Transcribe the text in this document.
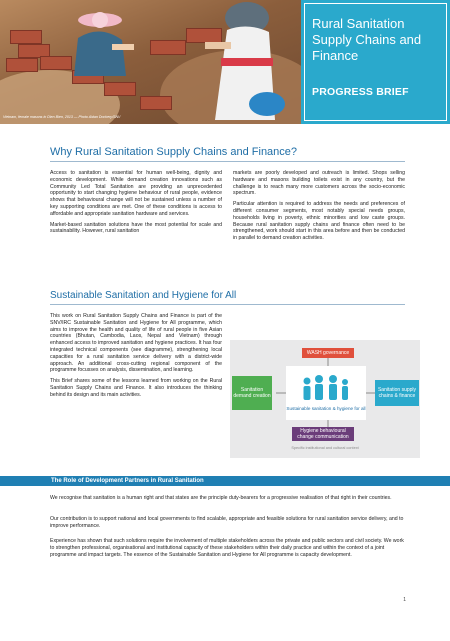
Vietnam, female masons in Dien Bien, 2013 — Photo Aidan Dockery/SNV
Rural Sanitation Supply Chains and Finance
PROGRESS BRIEF
Why Rural Sanitation Supply Chains and Finance?

Access to sanitation is essential for human well-being, dignity and economic development. While demand creation innovations such as Community Led Total Sanitation are providing an unprecedented opportunity to start changing hygiene behaviour of rural people, evidence shows that behavioural change will not be sustained unless a number of key supporting conditions are met. One of these conditions is access to affordable and appropriate sanitation hardware and services.

Market-based sanitation solutions have the most potential for scale and sustainability. However, rural sanitation

markets are poorly developed and outreach is limited. Shops selling hardware and masons building toilets exist in any country, but the challenge is to reach many more customers across the socio-economic spectrum.

Particular attention is required to address the needs and preferences of different consumer segments, most notably special needs groups, households living in poverty, ethnic minorities and low caste groups. Because rural sanitation supply chains and finance often need to be strengthened, work should start in this area before and then be conducted in parallel to demand creation activities.

Sustainable Sanitation and Hygiene for All

This work on Rural Sanitation Supply Chains and Finance is part of the SNV/IRC Sustainable Sanitation and Hygiene for All programme, which aims to improve the health and quality of life of rural people in five Asian countries (Bhutan, Cambodia, Laos, Nepal and Vietnam) through enhanced access to improved sanitation and hygiene practices. It has four integrated technical components (see diagramme), strengthening local capacities for a rural sanitation service delivery with a district-wide approach. An additional cross-cutting regional component of the programme focusses on analysis, dissemination, and learning.

This Brief shares some of the lessons learned from working on the Rural Sanitation Supply Chains and Finance. It also introduces the thinking behind its design and its main activities.

WASH governance
Sanitation demand creation
Sanitation supply chains & finance
Hygiene behavioural change communication
Sustainable sanitation & hygiene for all
Specific institutional and cultural context
The Role of Development Partners in Rural Sanitation
We recognise that sanitation is a human right and that states are the principle duty-bearers for a progressive realisation of that right in their countries.
Our contribution is to support national and local governments to find scalable, appropriate and feasible solutions for rural sanitation service delivery, and to improve performance.
Experience has shown that such solutions require the involvement of multiple stakeholders across the private and public sectors and civil society. We work to strengthen professional, organisational and institutional capacity of these stakeholders within their daily practice and within the context of a joint programme and impact targets. The essence of the Sustainable Sanitation and Hygiene for All programme is capacity development.
1
